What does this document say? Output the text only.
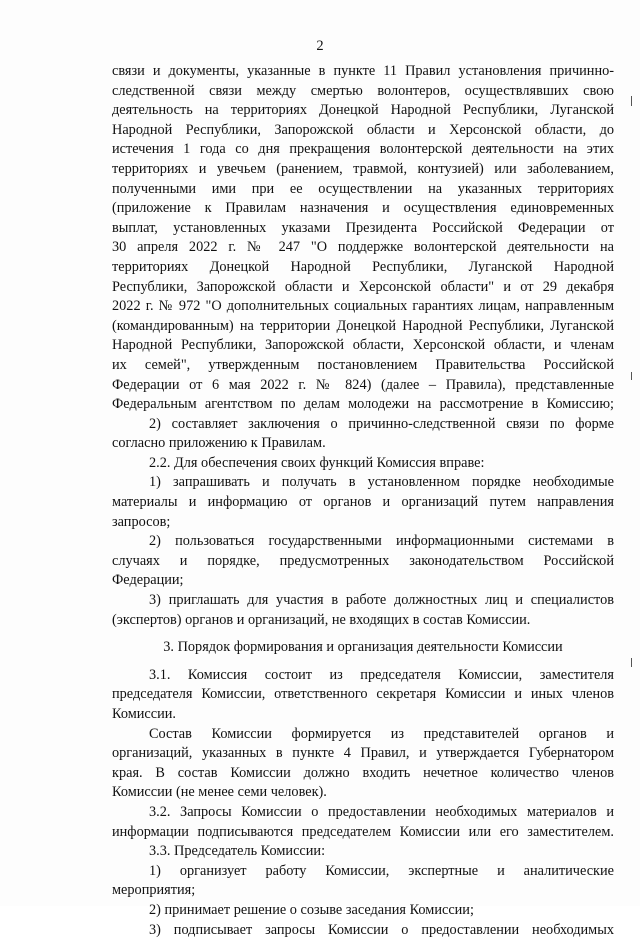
2
связи и документы, указанные в пункте 11 Правил установления причинно-
следственной связи между смертью волонтеров, осуществлявших свою
деятельность на территориях Донецкой Народной Республики, Луганской
Народной Республики, Запорожской области и Херсонской области, до
истечения 1 года со дня прекращения волонтерской деятельности на этих
территориях и увечьем (ранением, травмой, контузией) или заболеванием,
полученными ими при ее осуществлении на указанных территориях
(приложение к Правилам назначения и осуществления единовременных
выплат, установленных указами Президента Российской Федерации от
30 апреля 2022 г. № 247 "О поддержке волонтерской деятельности на
территориях Донецкой Народной Республики, Луганской Народной
Республики, Запорожской области и Херсонской области" и от 29 декабря
2022 г. № 972 "О дополнительных социальных гарантиях лицам, направленным
(командированным) на территории Донецкой Народной Республики, Луганской
Народной Республики, Запорожской области, Херсонской области, и членам
их семей", утвержденным постановлением Правительства Российской
Федерации от 6 мая 2022 г. № 824) (далее – Правила), представленные
Федеральным агентством по делам молодежи на рассмотрение в Комиссию;
2) составляет заключения о причинно-следственной связи по форме
согласно приложению к Правилам.
2.2. Для обеспечения своих функций Комиссия вправе:
1) запрашивать и получать в установленном порядке необходимые
материалы и информацию от органов и организаций путем направления
запросов;
2) пользоваться государственными информационными системами в
случаях и порядке, предусмотренных законодательством Российской
Федерации;
3) приглашать для участия в работе должностных лиц и специалистов
(экспертов) органов и организаций, не входящих в состав Комиссии.
3. Порядок формирования и организация деятельности Комиссии
3.1. Комиссия состоит из председателя Комиссии, заместителя
председателя Комиссии, ответственного секретаря Комиссии и иных членов
Комиссии.
Состав Комиссии формируется из представителей органов и
организаций, указанных в пункте 4 Правил, и утверждается Губернатором
края. В состав Комиссии должно входить нечетное количество членов
Комиссии (не менее семи человек).
3.2. Запросы Комиссии о предоставлении необходимых материалов и
информации подписываются председателем Комиссии или его заместителем.
3.3. Председатель Комиссии:
1) организует работу Комиссии, экспертные и аналитические
мероприятия;
2) принимает решение о созыве заседания Комиссии;
3) подписывает запросы Комиссии о предоставлении необходимых
